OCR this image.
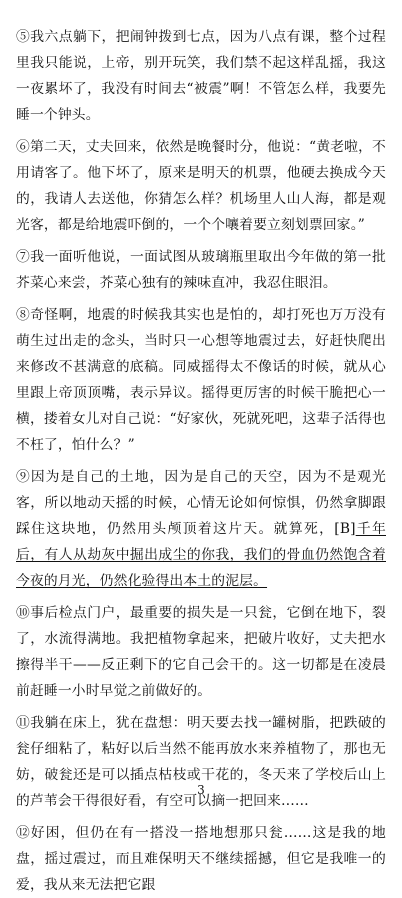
⑤我六点躺下，把闹钟拨到七点，因为八点有课，整个过程里我只能说，上帝，别开玩笑，我们禁不起这样乱摇，我这一夜累坏了，我没有时间去“被震”啊！不管怎么样，我要先睡一个钟头。

⑥第二天，丈夫回来，依然是晚餐时分，他说：“黄老啦，不用请客了。他下坏了，原来是明天的机票，他硬去换成今天的，我请人去送他，你猜怎么样？机场里人山人海，都是观光客，都是给地震吓倒的，一个个嚷着要立刻划票回家。”

⑦我一面听他说，一面试图从玻璃瓶里取出今年做的第一批芥菜心来尝，芥菜心独有的辣味直冲，我忍住眼泪。

⑧奇怪啊，地震的时候我其实也是怕的，却打死也万万没有萌生过出走的念头，当时只一心想等地震过去，好赶快爬出来修改不甚满意的底稿。同威摇得太不像话的时候，就从心里跟上帝顶顶嘴，表示异议。摇得更厉害的时候干脆把心一横，搂着女儿对自己说：“好家伙，死就死吧，这辈子活得也不枉了，怕什么？”

⑨因为是自己的土地，因为是自己的天空，因为不是观光客，所以地动天摇的时候，心情无论如何惊惧，仍然拿脚跟踩住这块地，仍然用头颅顶着这片天。就算死，[B]千年后，有人从劫灰中掘出成尘的你我，我们的骨血仍然饱含着今夜的月光，仍然化验得出本土的泥层。

⑩事后检点门户，最重要的损失是一只瓮，它倒在地下，裂了，水流得满地。我把植物拿起来，把破片收好，丈夫把水擦得半干——反正剩下的它自己会干的。这一切都是在凌晨前赶睡一小时早觉之前做好的。

⑪我躺在床上，犹在盘想：明天要去找一罐树脂，把跌破的瓮仔细粘了，粘好以后当然不能再放水来养植物了，那也无妨，破瓮还是可以插点枯枝或干花的，冬天来了学校后山上的芦苇会干得很好看，有空可以摘一把回来……

⑫好困，但仍在有一搭没一搭地想那只瓮……这是我的地盘，摇过震过，而且难保明天不继续摇撼，但它是我唯一的爱，我从来无法把它跟

3
